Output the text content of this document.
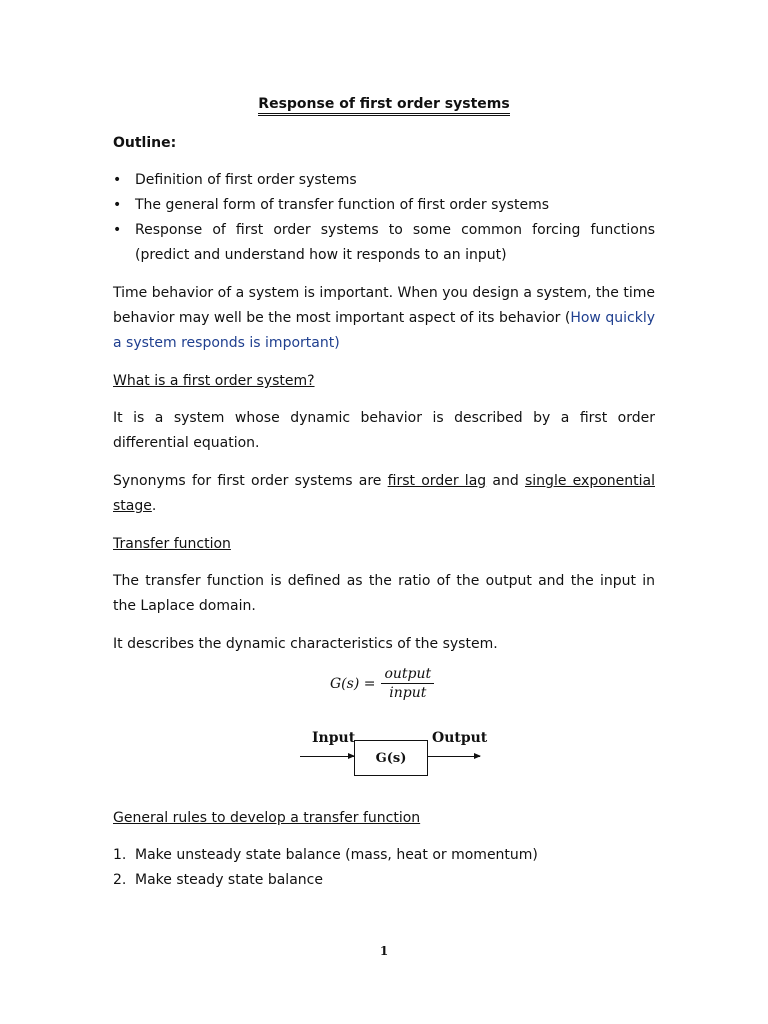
Response of first order systems
Outline:
• Definition of first order systems
• The general form of transfer function of first order systems
• Response of first order systems to some common forcing functions (predict and understand how it responds to an input)

Time behavior of a system is important. When you design a system, the time behavior may well be the most important aspect of its behavior (How quickly a system responds is important)

What is a first order system?

It is a system whose dynamic behavior is described by a first order differential equation.

Synonyms for first order systems are first order lag and single exponential stage.

Transfer function

The transfer function is defined as the ratio of the output and the input in the Laplace domain.

It describes the dynamic characteristics of the system.

$G(s) = \frac{\text{output}}{\text{input}}$
Input
G(s)
Output
General rules to develop a transfer function
1. Make unsteady state balance (mass, heat or momentum)
2. Make steady state balance
1
